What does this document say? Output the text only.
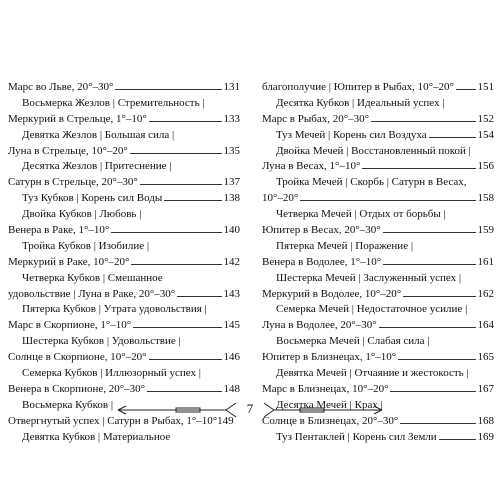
Марс во Льве, 20°–30°	131
Восьмерка Жезлов | Стремительность |
Меркурий в Стрельце, 1°–10°	133
Девятка Жезлов | Большая сила |
Луна в Стрельце, 10°–20°	135
Десятка Жезлов | Притеснение |
Сатурн в Стрельце, 20°–30°	137
Туз Кубков | Корень сил Воды	138
Двойка Кубков | Любовь |
Венера в Раке, 1°–10°	140
Тройка Кубков | Изобилие |
Меркурий в Раке, 10°–20°	142
Четверка Кубков | Смешанное
удовольствие | Луна в Раке, 20°–30°	143
Пятерка Кубков | Утрата удовольствия |
Марс в Скорпионе, 1°–10°	145
Шестерка Кубков | Удовольствие |
Солнце в Скорпионе, 10°–20°	146
Семерка Кубков | Иллюзорный успех |
Венера в Скорпионе, 20°–30°	148
Восьмерка Кубков |
Отвергнутый успех | Сатурн в Рыбах, 1°–10° 149
Девятка Кубков | Материальное
благополучие | Юпитер в Рыбах, 10°–20° 151
Десятка Кубков | Идеальный успех |
Марс в Рыбах, 20°–30°	152
Туз Мечей | Корень сил Воздуха	154
Двойка Мечей | Восстановленный покой |
Луна в Весах, 1°–10°	156
Тройка Мечей | Скорбь | Сатурн в Весах,
10°–20°	158
Четверка Мечей | Отдых от борьбы |
Юпитер в Весах, 20°–30°	159
Пятерка Мечей | Поражение |
Венера в Водолее, 1°–10°	161
Шестерка Мечей | Заслуженный успех |
Меркурий в Водолее, 10°–20°	162
Семерка Мечей | Недостаточное усилие |
Луна в Водолее, 20°–30°	164
Восьмерка Мечей | Слабая сила |
Юпитер в Близнецах, 1°–10°	165
Девятка Мечей | Отчаяние и жестокость |
Марс в Близнецах, 10°–20°	167
Десятка Мечей | Крах |
Солнце в Близнецах, 20°–30°	168
Туз Пентаклей | Корень сил Земли	169
7
